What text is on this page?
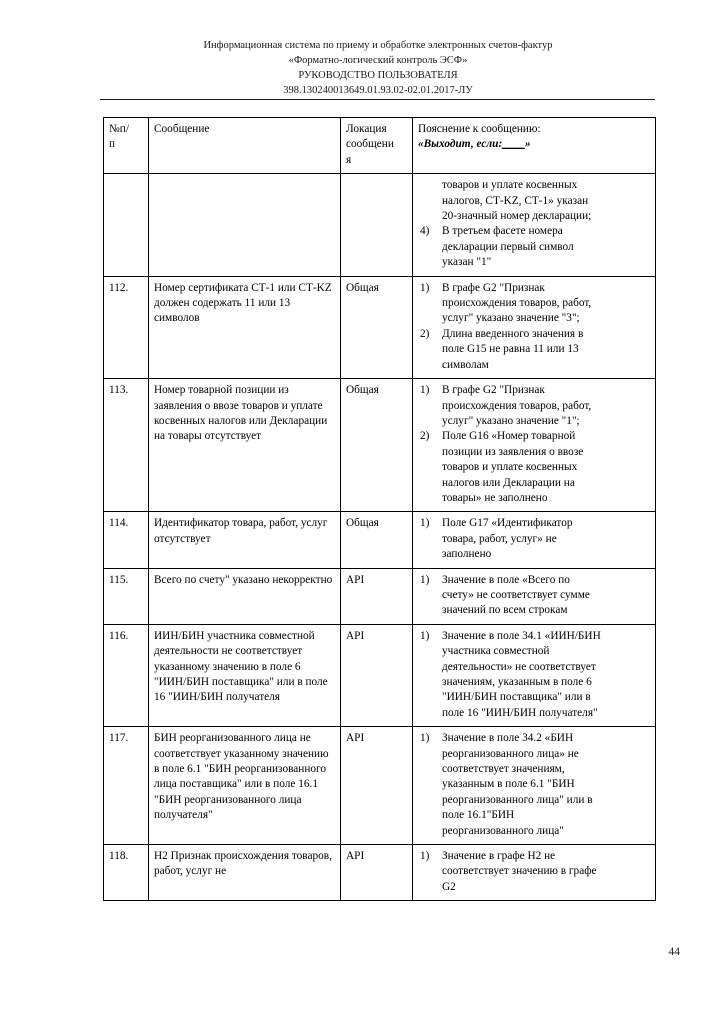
Информационная система по приему и обработке электронных счетов-фактур
«Форматно-логический контроль ЭСФ»
РУКОВОДСТВО ПОЛЬЗОВАТЕЛЯ
398.130240013649.01.93.02-02.01.2017-ЛУ
№п/
п	Сообщение	Локация
сообщени
я	Пояснение к сообщению:
«Выходит, если:____»

товаров и уплате косвенных
налогов, СТ-KZ, СТ-1» указан
20-значный номер декларации;
4)	В третьем фасете номера
декларации первый символ
указан "1"

112.	Номер сертификата СТ-1 или СТ-KZ должен содержать 11 или 13 символов	Общая	1)	В графе G2 "Признак
происхождения товаров, работ,
услуг" указано значение "3";
2)	Длина введенного значения в
поле G15 не равна 11 или 13
символам

113.	Номер товарной позиции из заявления о ввозе товаров и уплате косвенных налогов или Декларации на товары отсутствует	Общая	1)	В графе G2 "Признак
происхождения товаров, работ,
услуг" указано значение "1";
2)	Поле G16 «Номер товарной
позиции из заявления о ввозе
товаров и уплате косвенных
налогов или Декларации на
товары» не заполнено

114.	Идентификатор товара, работ, услуг отсутствует	Общая	1)	Поле G17 «Идентификатор
товара, работ, услуг» не
заполнено

115.	Всего по счету" указано некорректно	API	1)	Значение в поле «Всего по
счету» не соответствует сумме
значений по всем строкам

116.	ИИН/БИН участника совместной деятельности не соответствует указанному значению в поле 6 "ИИН/БИН поставщика" или в поле 16 "ИИН/БИН получателя	API	1)	Значение в поле 34.1 «ИИН/БИН
участника совместной
деятельности» не соответствует
значениям, указанным в поле 6
"ИИН/БИН поставщика" или в
поле 16 "ИИН/БИН получателя"

117.	БИН реорганизованного лица не соответствует указанному значению в поле 6.1 "БИН реорганизованного лица поставщика" или в поле 16.1 "БИН реорганизованного лица получателя"	API	1)	Значение в поле 34.2 «БИН
реорганизованного лица» не
соответствует значениям,
указанным в поле 6.1 "БИН
реорганизованного лица" или в
поле 16.1"БИН
реорганизованного лица"

118.	Н2 Признак происхождения товаров, работ, услуг не	API	1)	Значение в графе Н2 не
соответствует значению в графе
G2
44
